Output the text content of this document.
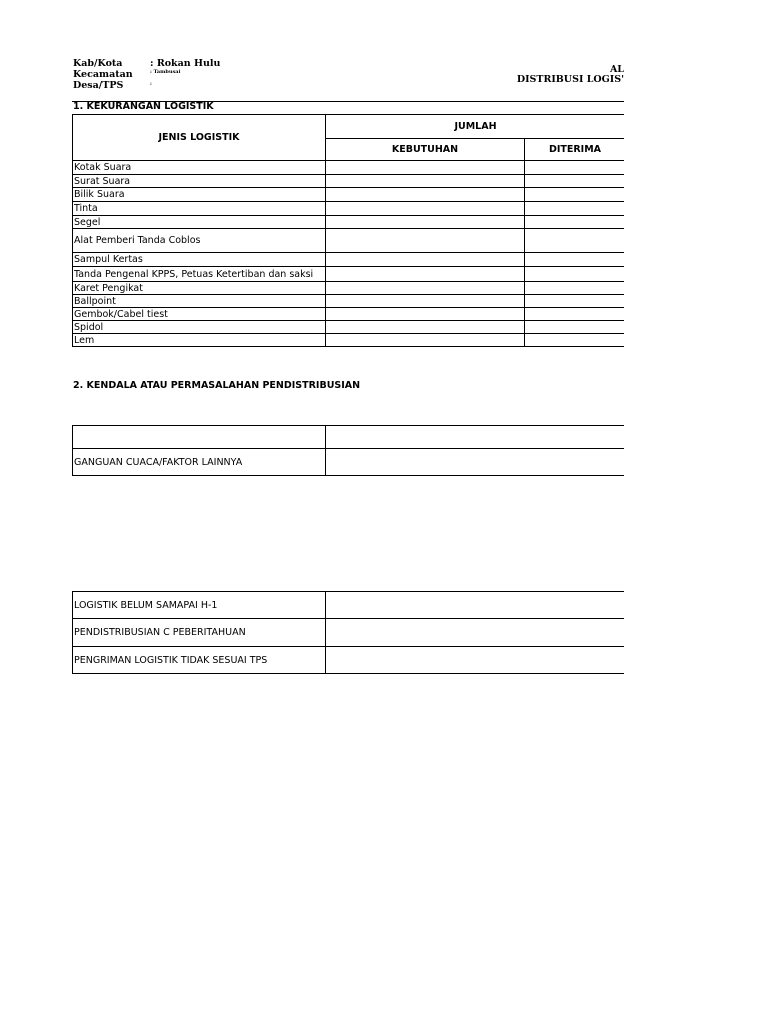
Kab/Kota	: Rokan Hulu
Kecamatan	: Tambusai
Desa/TPS	:
AL
DISTRIBUSI LOGIS'
1. KEKURANGAN LOGISTIK
JENIS LOGISTIK	JUMLAH	
	KEBUTUHAN	DITERIMA
Kotak Suara		
Surat Suara		
Bilik Suara		
Tinta		
Segel		
Alat Pemberi Tanda Coblos		
Sampul Kertas		
Tanda Pengenal KPPS, Petuas Ketertiban dan saksi		
Karet Pengikat		
Ballpoint		
Gembok/Cabel tiest		
Spidol		
Lem		
2. KENDALA ATAU PERMASALAHAN PENDISTRIBUSIAN

GANGUAN CUACA/FAKTOR LAINNYA	
LOGISTIK BELUM SAMAPAI H-1	
PENDISTRIBUSIAN C PEBERITAHUAN	
PENGRIMAN LOGISTIK TIDAK SESUAI TPS	
